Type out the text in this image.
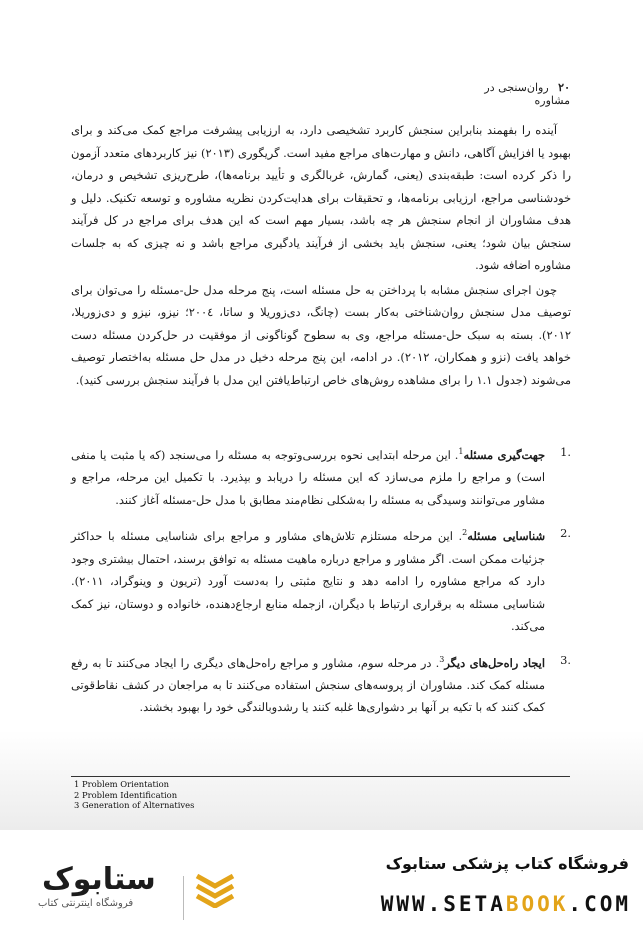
۲۰ روان‌سنجی در مشاوره

آینده را بفهمند بنابراین سنجش کاربرد تشخیصی دارد، به ارزیابی پیشرفت مراجع کمک می‌کند و برای بهبود یا افزایش آگاهی، دانش و مهارت‌های مراجع مفید است. گریگوری (۲۰۱۳) نیز کاربردهای متعدد آزمون را ذکر کرده است: طبقه‌بندی (یعنی، گمارش، غربالگری و تأیید برنامه‌ها)، طرح‌ریزی تشخیص و درمان، خودشناسی مراجع، ارزیابی برنامه‌ها، و تحقیقات برای هدایت‌کردن نظریه مشاوره و توسعه تکنیک. دلیل و هدف مشاوران از انجام سنجش هر چه باشد، بسیار مهم است که این هدف برای مراجع در کل فرآیند سنجش بیان شود؛ یعنی، سنجش باید بخشی از فرآیند یادگیری مراجع باشد و نه چیزی که به جلسات مشاوره اضافه شود.

چون اجرای سنجش مشابه با پرداختن به حل مسئله است، پنج مرحله مدل حل-مسئله را می‌توان برای توصیف مدل سنجش روان‌شناختی به‌کار بست (چانگ، دی‌زوریلا و ساتا، ۲۰۰٤؛ نیزو، نیزو و دی‌زوریلا، ۲۰۱۲). بسته به سبک حل-مسئله مراجع، وی به سطوح گوناگونی از موفقیت در حل‌کردن مسئله دست خواهد یافت (نزو و همکاران، ۲۰۱۲). در ادامه، این پنج مرحله دخیل در مدل حل مسئله به‌اختصار توصیف می‌شوند (جدول ۱.۱ را برای مشاهده روش‌های خاص ارتباط‌یافتن این مدل با فرآیند سنجش بررسی کنید).

.1
جهت‌گیری مسئله$^1$. این مرحله ابتدایی نحوه بررسی‌وتوجه به مسئله را می‌سنجد (که یا مثبت یا منفی است) و مراجع را ملزم می‌سازد که این مسئله را دریابد و بپذیرد. با تکمیل این مرحله، مراجع و مشاور می‌توانند وسیدگی به مسئله را به‌شکلی نظام‌مند مطابق با مدل حل-مسئله آغاز کنند.
.2
شناسایی مسئله$^2$. این مرحله مستلزم تلاش‌های مشاور و مراجع برای شناسایی مسئله با حداکثر جزئیات ممکن است. اگر مشاور و مراجع درباره ماهیت مسئله به توافق برسند، احتمال بیشتری وجود دارد که مراجع مشاوره را ادامه دهد و نتایج مثبتی را به‌دست آورد (تریون و وینوگراد، ۲۰۱۱). شناسایی مسئله به برقراری ارتباط با دیگران، ازجمله منابع ارجاع‌دهنده، خانواده و دوستان، نیز کمک می‌کند.
.3
ایجاد راه‌حل‌های دیگر$^3$. در مرحله سوم، مشاور و مراجع راه‌حل‌های دیگری را ایجاد می‌کنند تا به رفع مسئله کمک کند. مشاوران از پروسه‌های سنجش استفاده می‌کنند تا به مراجعان در کشف نقاط‌قوتی کمک کنند که با تکیه بر آنها بر دشواری‌ها غلبه کنند یا رشدوبالندگی خود را بهبود بخشند.
1 Problem Orientation
2 Problem Identification
3 Generation of Alternatives
ستابوک
فروشگاه اینترنتی کتاب
فروشگاه کتاب پزشکی ستابوک
WWW.SETABOOK.COM
